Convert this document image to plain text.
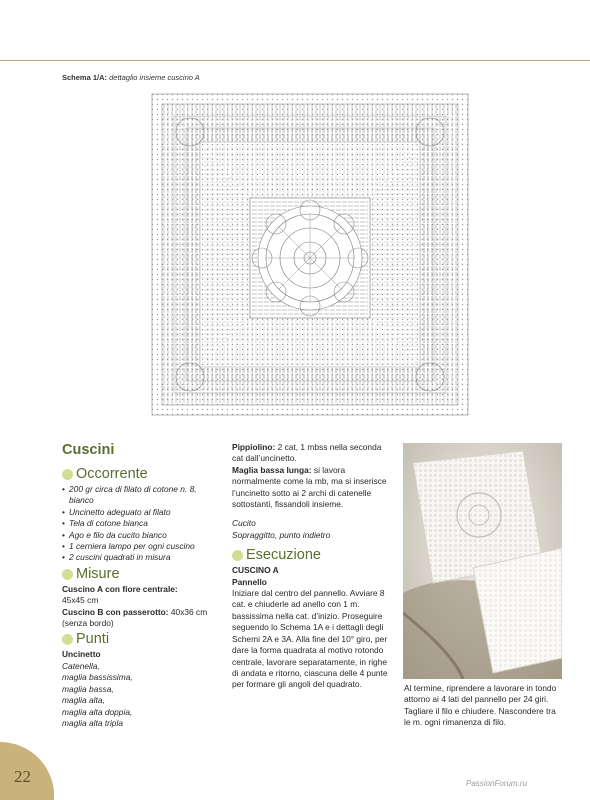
Schema 1/A: dettaglio insieme cuscino A
Cuscini
Occorrente
• 200 gr circa di filato di cotone n. 8, bianco
• Uncinetto adeguato al filato
• Tela di cotone bianca
• Ago e filo da cucito bianco
• 1 cerniera lampo per ogni cuscino
• 2 cuscini quadrati in misura
Misure
Cuscino A con fiore centrale:
45x45 cm
Cuscino B con passerotto: 40x36 cm
(senza bordo)
Punti
Uncinetto
Catenella,
maglia bassissima,
maglia bassa,
maglia alta,
maglia alta doppia,
maglia alta tripla
Pippiolino: 2 cat, 1 mbss nella seconda cat dall’uncinetto.
Maglia bassa lunga: si lavora normalmente come la mb, ma si inserisce l’uncinetto sotto ai 2 archi di catenelle sottostanti, fissandoli insieme.
Cucito
Sopraggitto, punto indietro
Esecuzione
CUSCINO A
Pannello
Iniziare dal centro del pannello. Avviare 8 cat. e chiuderle ad anello con 1 m. bassissima nella cat. d’inizio. Proseguire seguendo lo Schema 1A e i dettagli degli Schemi 2A e 3A. Alla fine del 10° giro, per dare la forma quadrata al motivo rotondo centrale, lavorare separatamente, in righe di andata e ritorno, ciascuna delle 4 punte per formare gli angoli del quadrato.	Al termine, riprendere a lavorare in tondo attorno ai 4 lati del pannello per 24 giri. Tagliare il filo e chiudere. Nascondere tra le m. ogni rimanenza di filo.
22	PassionForum.ru
